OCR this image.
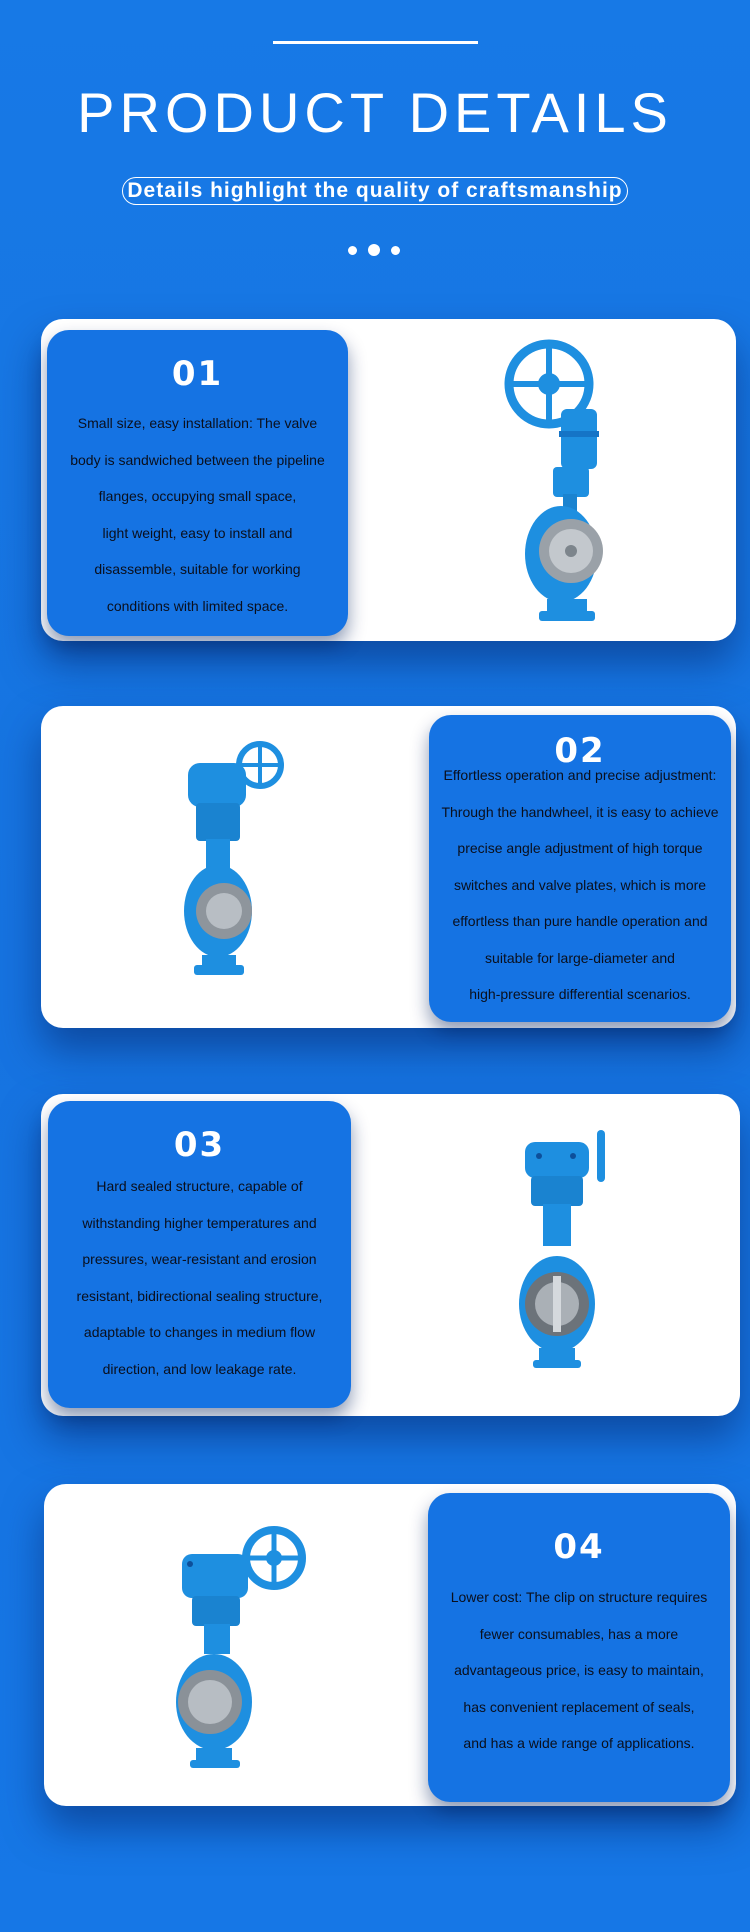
PRODUCT DETAILS
Details highlight the quality of craftsmanship
01
Small size, easy installation: The valve
body is sandwiched between the pipeline
flanges, occupying small space,
light weight, easy to install and
disassemble, suitable for working
conditions with limited space.
02
Effortless operation and precise adjustment:
Through the handwheel, it is easy to achieve
precise angle adjustment of high torque
switches and valve plates, which is more
effortless than pure handle operation and
suitable for large-diameter and
high-pressure differential scenarios.
03
Hard sealed structure, capable of
withstanding higher temperatures and
pressures, wear-resistant and erosion
resistant, bidirectional sealing structure,
adaptable to changes in medium flow
direction, and low leakage rate.
04
Lower cost: The clip on structure requires
fewer consumables, has a more
advantageous price, is easy to maintain,
has convenient replacement of seals,
and has a wide range of applications.
